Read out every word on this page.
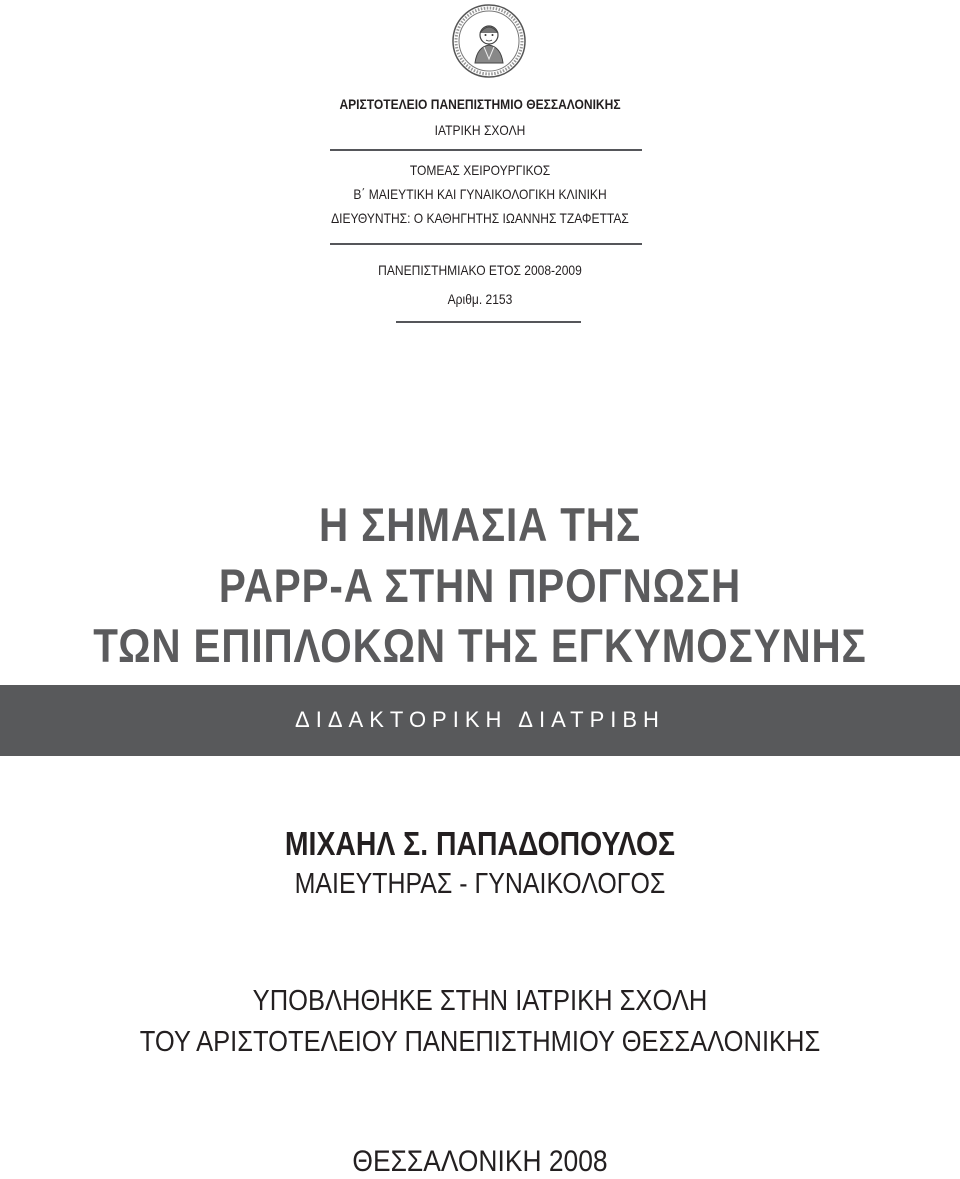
ΑΡΙΣΤΟΤΕΛΕΙΟ ΠΑΝΕΠΙΣΤΗΜΙΟ ΘΕΣΣΑΛΟΝΙΚΗΣ
ΙΑΤΡΙΚΗ ΣΧΟΛΗ
ΤΟΜΕΑΣ ΧΕΙΡΟΥΡΓΙΚΟΣ
Β΄ ΜΑΙΕΥΤΙΚΗ ΚΑΙ ΓΥΝΑΙΚΟΛΟΓΙΚΗ ΚΛΙΝΙΚΗ
ΔΙΕΥΘΥΝΤΗΣ: Ο ΚΑΘΗΓΗΤΗΣ ΙΩΑΝΝΗΣ ΤΖΑΦΕΤΤΑΣ
ΠΑΝΕΠΙΣΤΗΜΙΑΚΟ ΕΤΟΣ 2008-2009
Αριθμ. 2153
Η ΣΗΜΑΣΙΑ ΤΗΣ
PAPP-A ΣΤΗΝ ΠΡΟΓΝΩΣΗ
ΤΩΝ ΕΠΙΠΛΟΚΩΝ ΤΗΣ ΕΓΚΥΜΟΣΥΝΗΣ
ΔΙΔΑΚΤΟΡΙΚΗ ΔΙΑΤΡΙΒΗ
ΜΙΧΑΗΛ Σ. ΠΑΠΑΔΟΠΟΥΛΟΣ
ΜΑΙΕΥΤΗΡΑΣ - ΓΥΝΑΙΚΟΛΟΓΟΣ
ΥΠΟΒΛΗΘΗΚΕ ΣΤΗΝ ΙΑΤΡΙΚΗ ΣΧΟΛΗ
ΤΟΥ ΑΡΙΣΤΟΤΕΛΕΙΟΥ ΠΑΝΕΠΙΣΤΗΜΙΟΥ ΘΕΣΣΑΛΟΝΙΚΗΣ
ΘΕΣΣΑΛΟΝΙΚΗ 2008
